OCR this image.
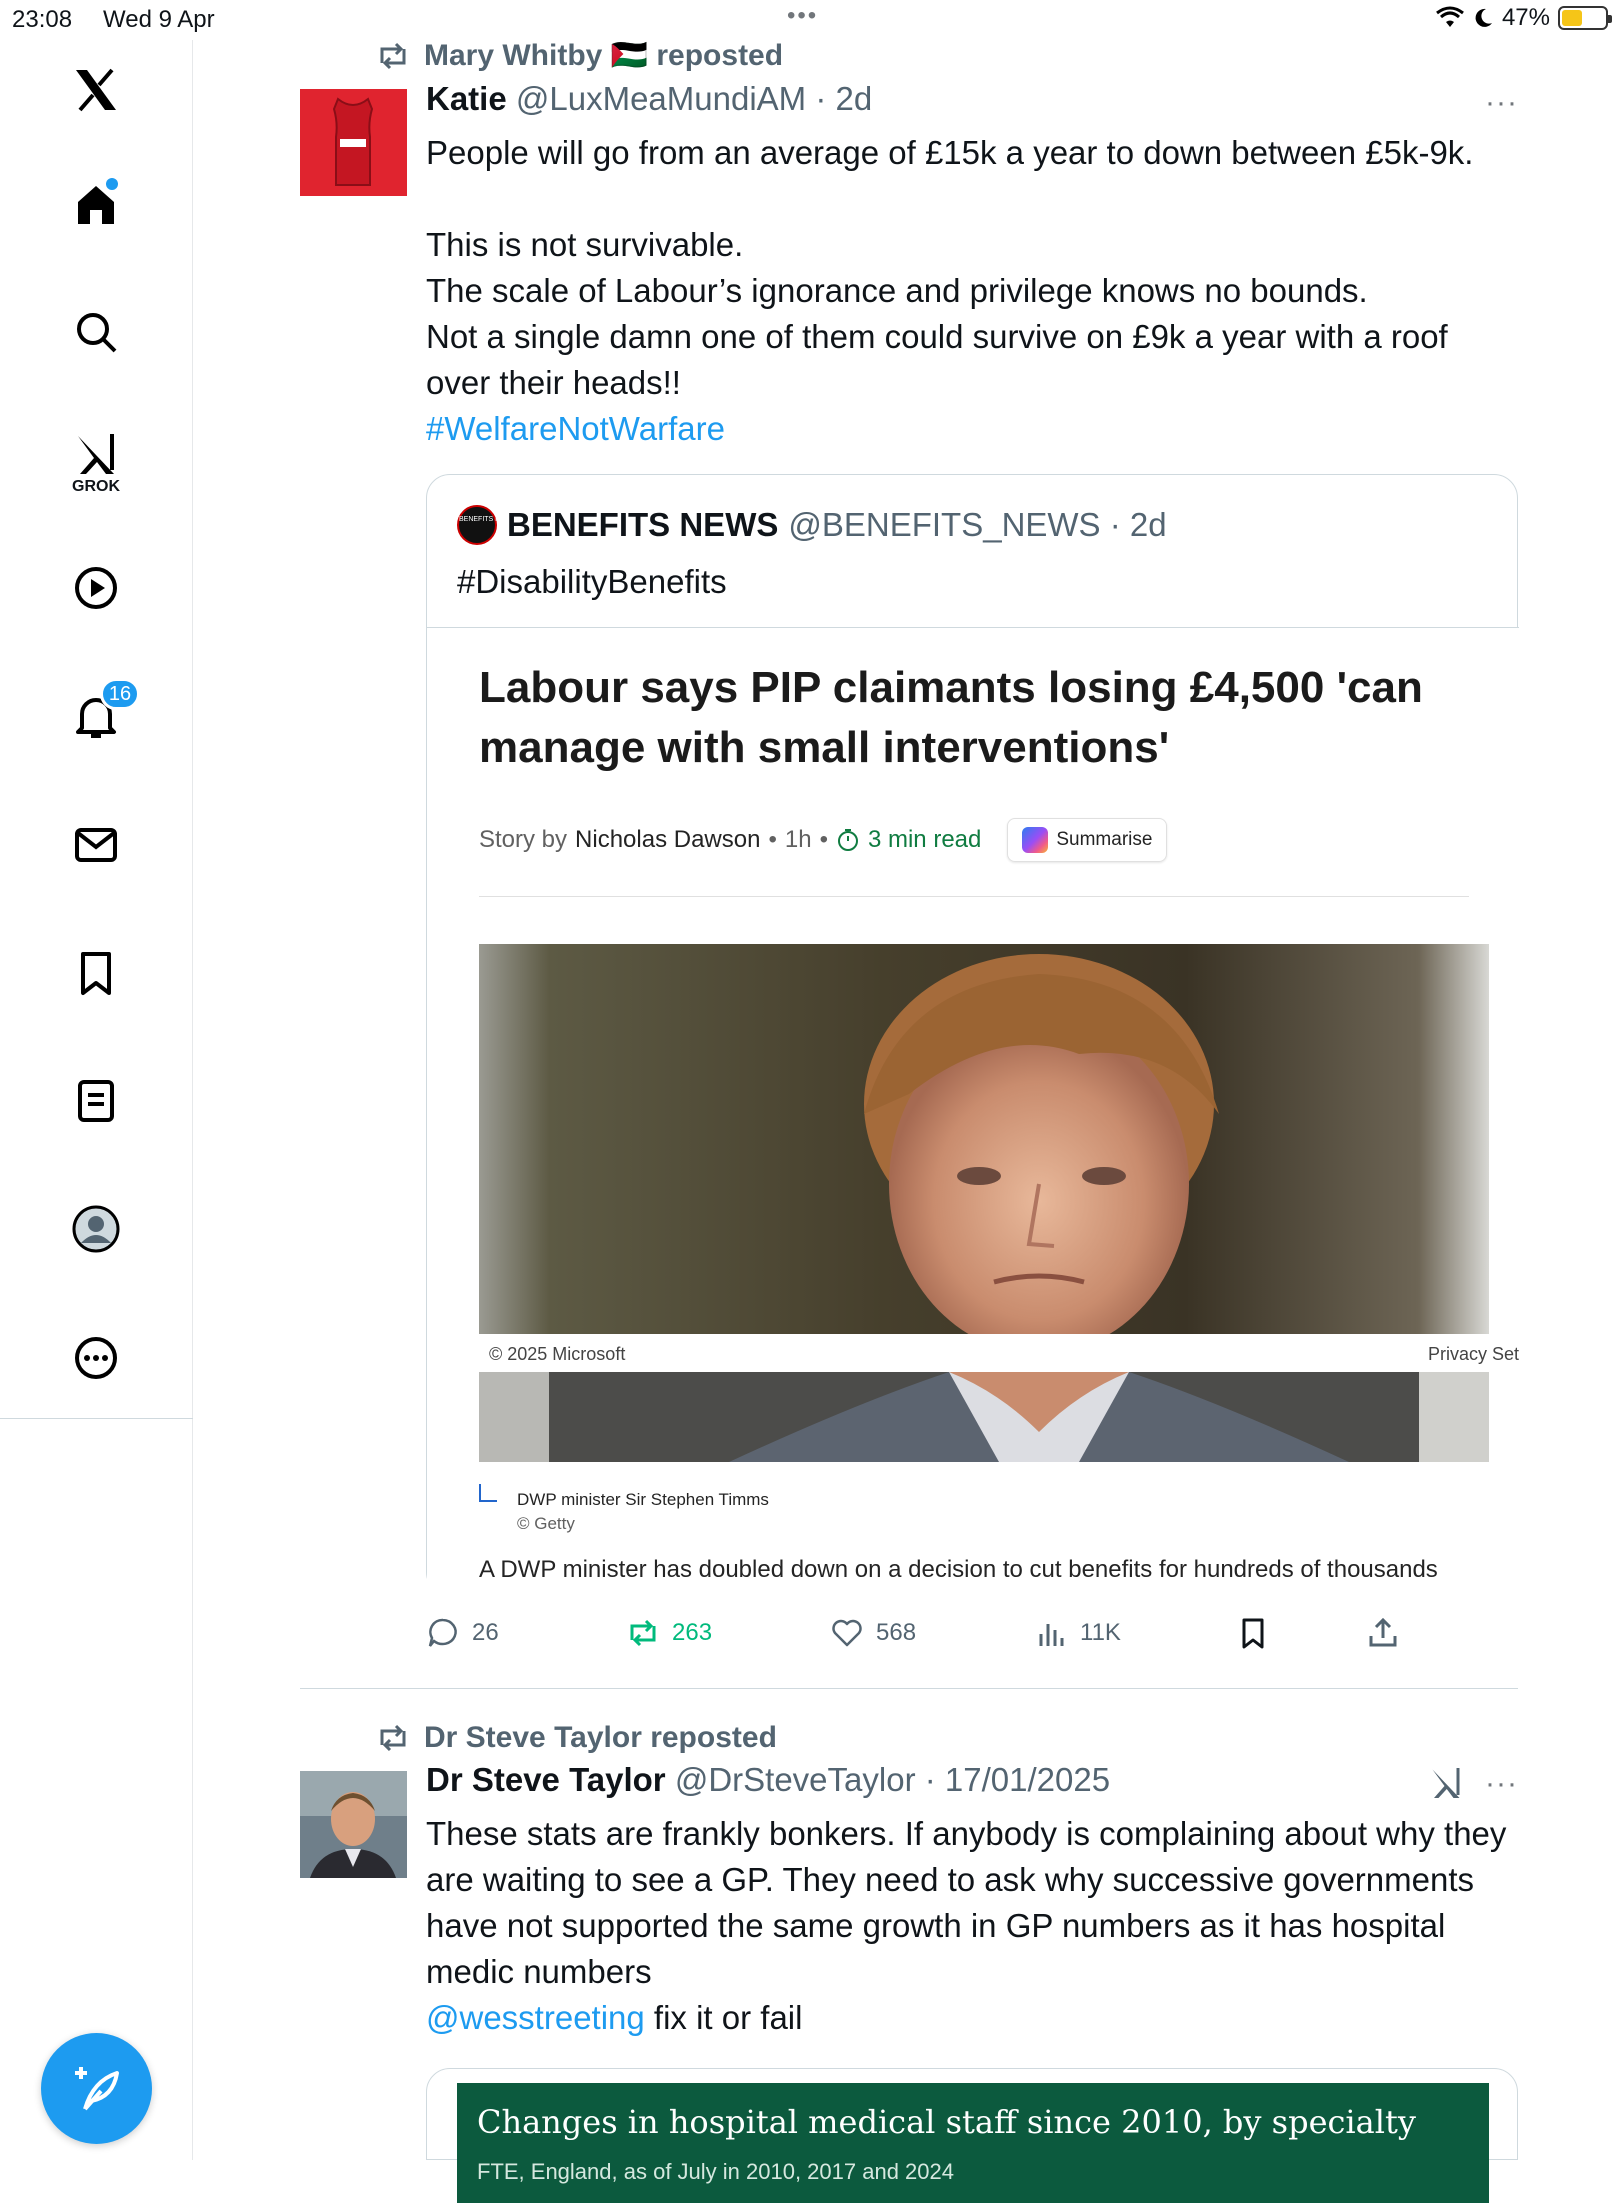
23:08 Wed 9 Apr	•••	47%
GROK
16
Mary Whitby 🇵🇸 reposted
Katie @LuxMeaMundiAM · 2d	···

People will go from an average of £15k a year to down between £5k-9k.

This is not survivable.

The scale of Labour’s ignorance and privilege knows no bounds.

Not a single damn one of them could survive on £9k a year with a roof over their heads!!

#WelfareNotWarfare

BENEFITS NEWS
BENEFITS NEWS @BENEFITS_NEWS · 2d
#DisabilityBenefits
Labour says PIP claimants losing £4,500 'can manage with small interventions'
Story by Nicholas Dawson • 1h • 3 min read	Summarise
© 2025 Microsoft	Privacy Set
DWP minister Sir Stephen Timms
© Getty
A DWP minister has doubled down on a decision to cut benefits for hundreds of thousands
26	263	568	11K
Dr Steve Taylor reposted
Dr Steve Taylor @DrSteveTaylor · 17/01/2025	···

These stats are frankly bonkers. If anybody is complaining about why they are waiting to see a GP. They need to ask why successive governments have not supported the same growth in GP numbers as it has hospital medic numbers

@wesstreeting fix it or fail

Changes in hospital medical staff since 2010, by specialty
FTE, England, as of July in 2010, 2017 and 2024
